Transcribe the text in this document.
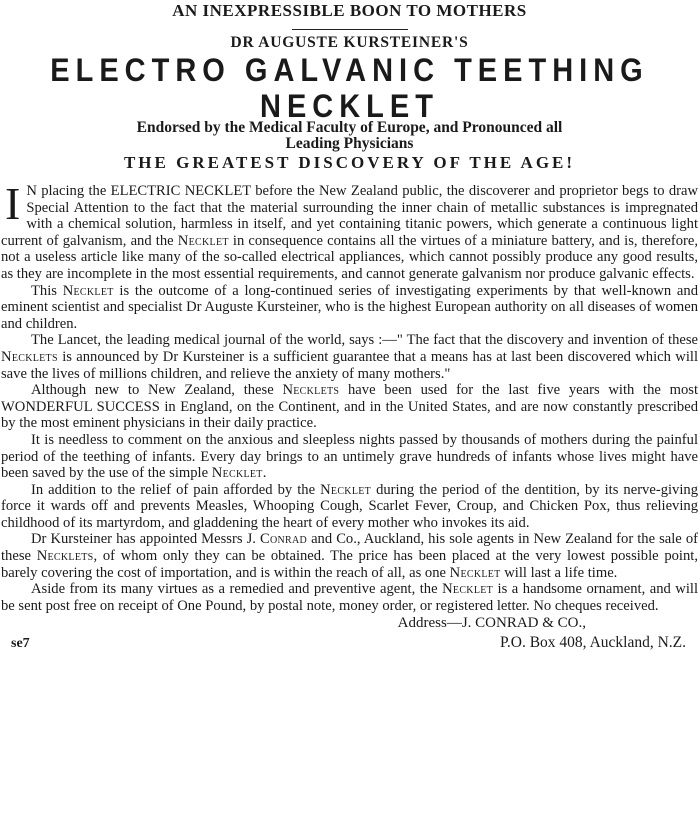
AN INEXPRESSIBLE BOON TO MOTHERS
DR AUGUSTE KURSTEINER'S
ELECTRO GALVANIC TEETHING NECKLET
Endorsed by the Medical Faculty of Europe, and Pronounced all
Leading Physicians
THE GREATEST DISCOVERY OF THE AGE!

I N placing the ELECTRIC NECKLET before the New Zealand public, the discoverer and proprietor begs to draw Special Attention to the fact that the material surrounding the inner chain of metallic substances is impregnated with a chemical solution, harmless in itself, and yet containing titanic powers, which generate a continuous light current of galvanism, and the Necklet in consequence contains all the virtues of a miniature battery, and is, therefore, not a useless article like many of the so-called electrical appliances, which cannot possibly produce any good results, as they are incomplete in the most essential requirements, and cannot generate galvanism nor produce galvanic effects.

This Necklet is the outcome of a long-continued series of investigating experiments by that well-known and eminent scientist and specialist Dr Auguste Kursteiner, who is the highest European authority on all diseases of women and children.

The Lancet, the leading medical journal of the world, says :—" The fact that the discovery and invention of these Necklets is announced by Dr Kursteiner is a sufficient guarantee that a means has at last been discovered which will save the lives of millions children, and relieve the anxiety of many mothers."

Although new to New Zealand, these Necklets have been used for the last five years with the most WONDERFUL SUCCESS in England, on the Continent, and in the United States, and are now constantly prescribed by the most eminent physicians in their daily practice.

It is needless to comment on the anxious and sleepless nights passed by thousands of mothers during the painful period of the teething of infants. Every day brings to an untimely grave hundreds of infants whose lives might have been saved by the use of the simple Necklet.

In addition to the relief of pain afforded by the Necklet during the period of the dentition, by its nerve-giving force it wards off and prevents Measles, Whooping Cough, Scarlet Fever, Croup, and Chicken Pox, thus relieving childhood of its martyrdom, and gladdening the heart of every mother who invokes its aid.

Dr Kursteiner has appointed Messrs J. Conrad and Co., Auckland, his sole agents in New Zealand for the sale of these Necklets, of whom only they can be obtained. The price has been placed at the very lowest possible point, barely covering the cost of importation, and is within the reach of all, as one Necklet will last a life time.

Aside from its many virtues as a remedied and preventive agent, the Necklet is a handsome ornament, and will be sent post free on receipt of One Pound, by postal note, money order, or registered letter. No cheques received.

Address—J. CONRAD & CO.,
se7	P.O. Box 408, Auckland, N.Z.
